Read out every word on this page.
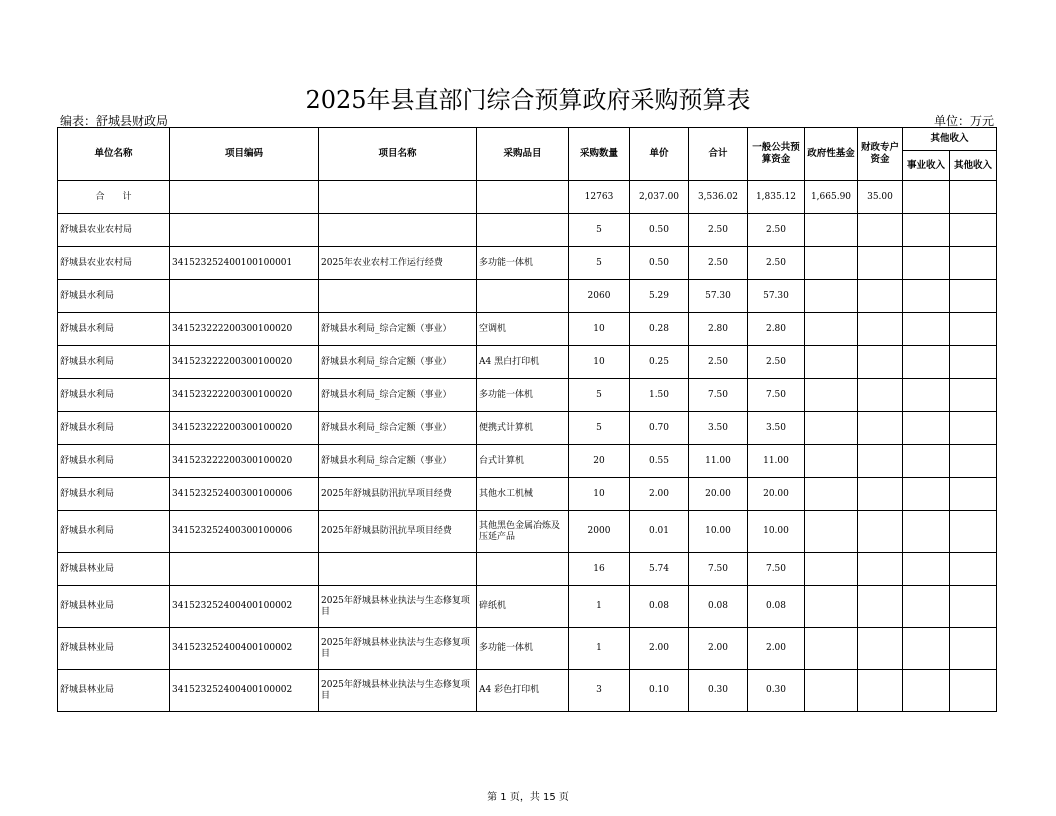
2025年县直部门综合预算政府采购预算表
编表：舒城县财政局	单位：万元
单位名称	项目编码	项目名称	采购品目	采购数量	单价	合计	一般公共预算资金	政府性基金	财政专户资金	其他收入	
										事业收入	其他收入
合　　计				12763	2,037.00	3,536.02	1,835.12	1,665.90	35.00		
舒城县农业农村局				5	0.50	2.50	2.50				
舒城县农业农村局	341523252400100100001	2025年农业农村工作运行经费	多功能一体机	5	0.50	2.50	2.50				
舒城县水利局				2060	5.29	57.30	57.30				
舒城县水利局	341523222200300100020	舒城县水利局_综合定额（事业）	空调机	10	0.28	2.80	2.80				
舒城县水利局	341523222200300100020	舒城县水利局_综合定额（事业）	A4 黑白打印机	10	0.25	2.50	2.50				
舒城县水利局	341523222200300100020	舒城县水利局_综合定额（事业）	多功能一体机	5	1.50	7.50	7.50				
舒城县水利局	341523222200300100020	舒城县水利局_综合定额（事业）	便携式计算机	5	0.70	3.50	3.50				
舒城县水利局	341523222200300100020	舒城县水利局_综合定额（事业）	台式计算机	20	0.55	11.00	11.00				
舒城县水利局	341523252400300100006	2025年舒城县防汛抗旱项目经费	其他水工机械	10	2.00	20.00	20.00				
舒城县水利局	341523252400300100006	2025年舒城县防汛抗旱项目经费	其他黑色金属冶炼及压延产品	2000	0.01	10.00	10.00				
舒城县林业局				16	5.74	7.50	7.50				
舒城县林业局	341523252400400100002	2025年舒城县林业执法与生态修复项目	碎纸机	1	0.08	0.08	0.08				
舒城县林业局	341523252400400100002	2025年舒城县林业执法与生态修复项目	多功能一体机	1	2.00	2.00	2.00				
舒城县林业局	341523252400400100002	2025年舒城县林业执法与生态修复项目	A4 彩色打印机	3	0.10	0.30	0.30				
第 1 页，共 15 页
